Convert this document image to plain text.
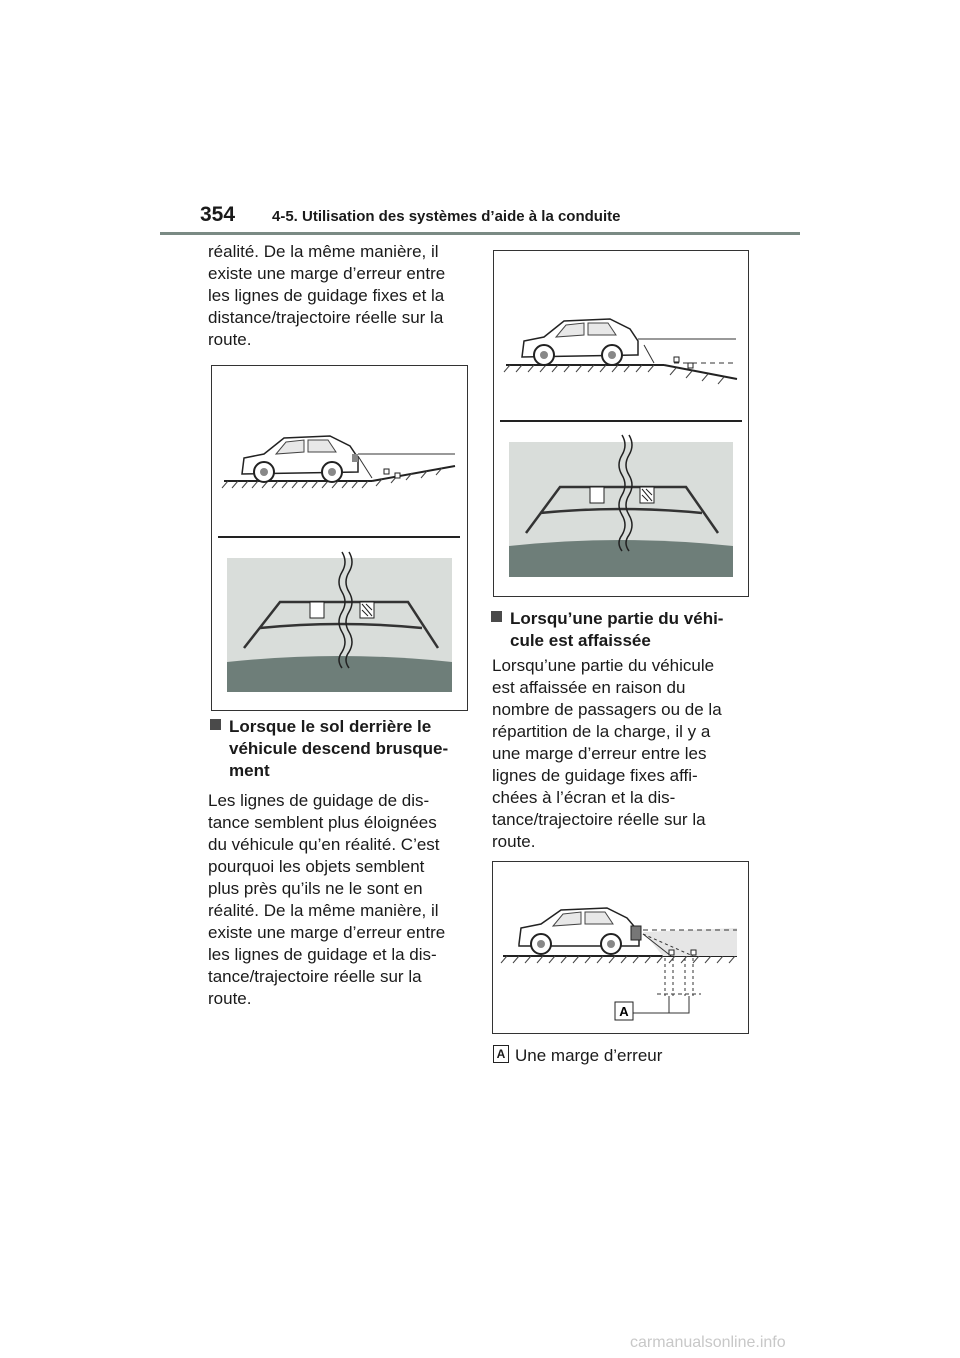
354 4-5. Utilisation des systèmes d’aide à la conduite
réalité. De la même manière, il
existe une marge d’erreur entre
les lignes de guidage fixes et la
distance/trajectoire réelle sur la
route.
Lorsque le sol derrière le
véhicule descend brusque-
ment
Les lignes de guidage de dis-
tance semblent plus éloignées
du véhicule qu’en réalité. C’est
pourquoi les objets semblent
plus près qu’ils ne le sont en
réalité. De la même manière, il
existe une marge d’erreur entre
les lignes de guidage et la dis-
tance/trajectoire réelle sur la
route.
Lorsqu’une partie du véhi-
cule est affaissée
Lorsqu’une partie du véhicule
est affaissée en raison du
nombre de passagers ou de la
répartition de la charge, il y a
une marge d’erreur entre les
lignes de guidage fixes affi-
chées à l’écran et la dis-
tance/trajectoire réelle sur la
route.
A
A Une marge d’erreur
carmanualsonline.info
